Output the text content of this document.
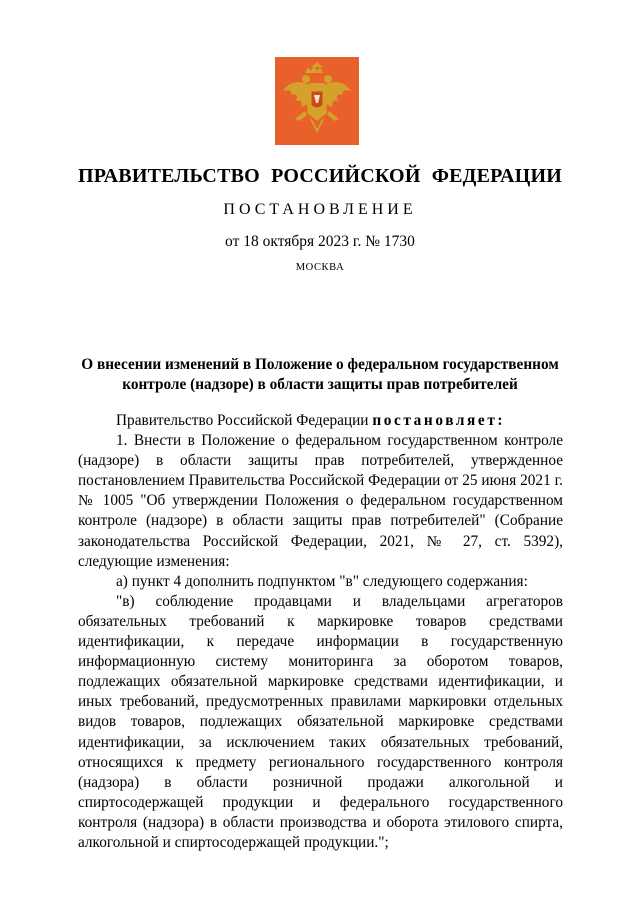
ПРАВИТЕЛЬСТВО РОССИЙСКОЙ ФЕДЕРАЦИИ
ПОСТАНОВЛЕНИЕ
от 18 октября 2023 г. № 1730
МОСКВА
О внесении изменений в Положение о федеральном государственном
контроле (надзоре) в области защиты прав потребителей

Правительство Российской Федерации постановляет:

1. Внести в Положение о федеральном государственном контроле (надзоре) в области защиты прав потребителей, утвержденное постановлением Правительства Российской Федерации от 25 июня 2021 г. № 1005 "Об утверждении Положения о федеральном государственном контроле (надзоре) в области защиты прав потребителей" (Собрание законодательства Российской Федерации, 2021, № 27, ст. 5392), следующие изменения:

а) пункт 4 дополнить подпунктом "в" следующего содержания:

"в) соблюдение продавцами и владельцами агрегаторов обязательных требований к маркировке товаров средствами идентификации, к передаче информации в государственную информационную систему мониторинга за оборотом товаров, подлежащих обязательной маркировке средствами идентификации, и иных требований, предусмотренных правилами маркировки отдельных видов товаров, подлежащих обязательной маркировке средствами идентификации, за исключением таких обязательных требований, относящихся к предмету регионального государственного контроля (надзора) в области розничной продажи алкогольной и спиртосодержащей продукции и федерального государственного контроля (надзора) в области производства и оборота этилового спирта, алкогольной и спиртосодержащей продукции.";
